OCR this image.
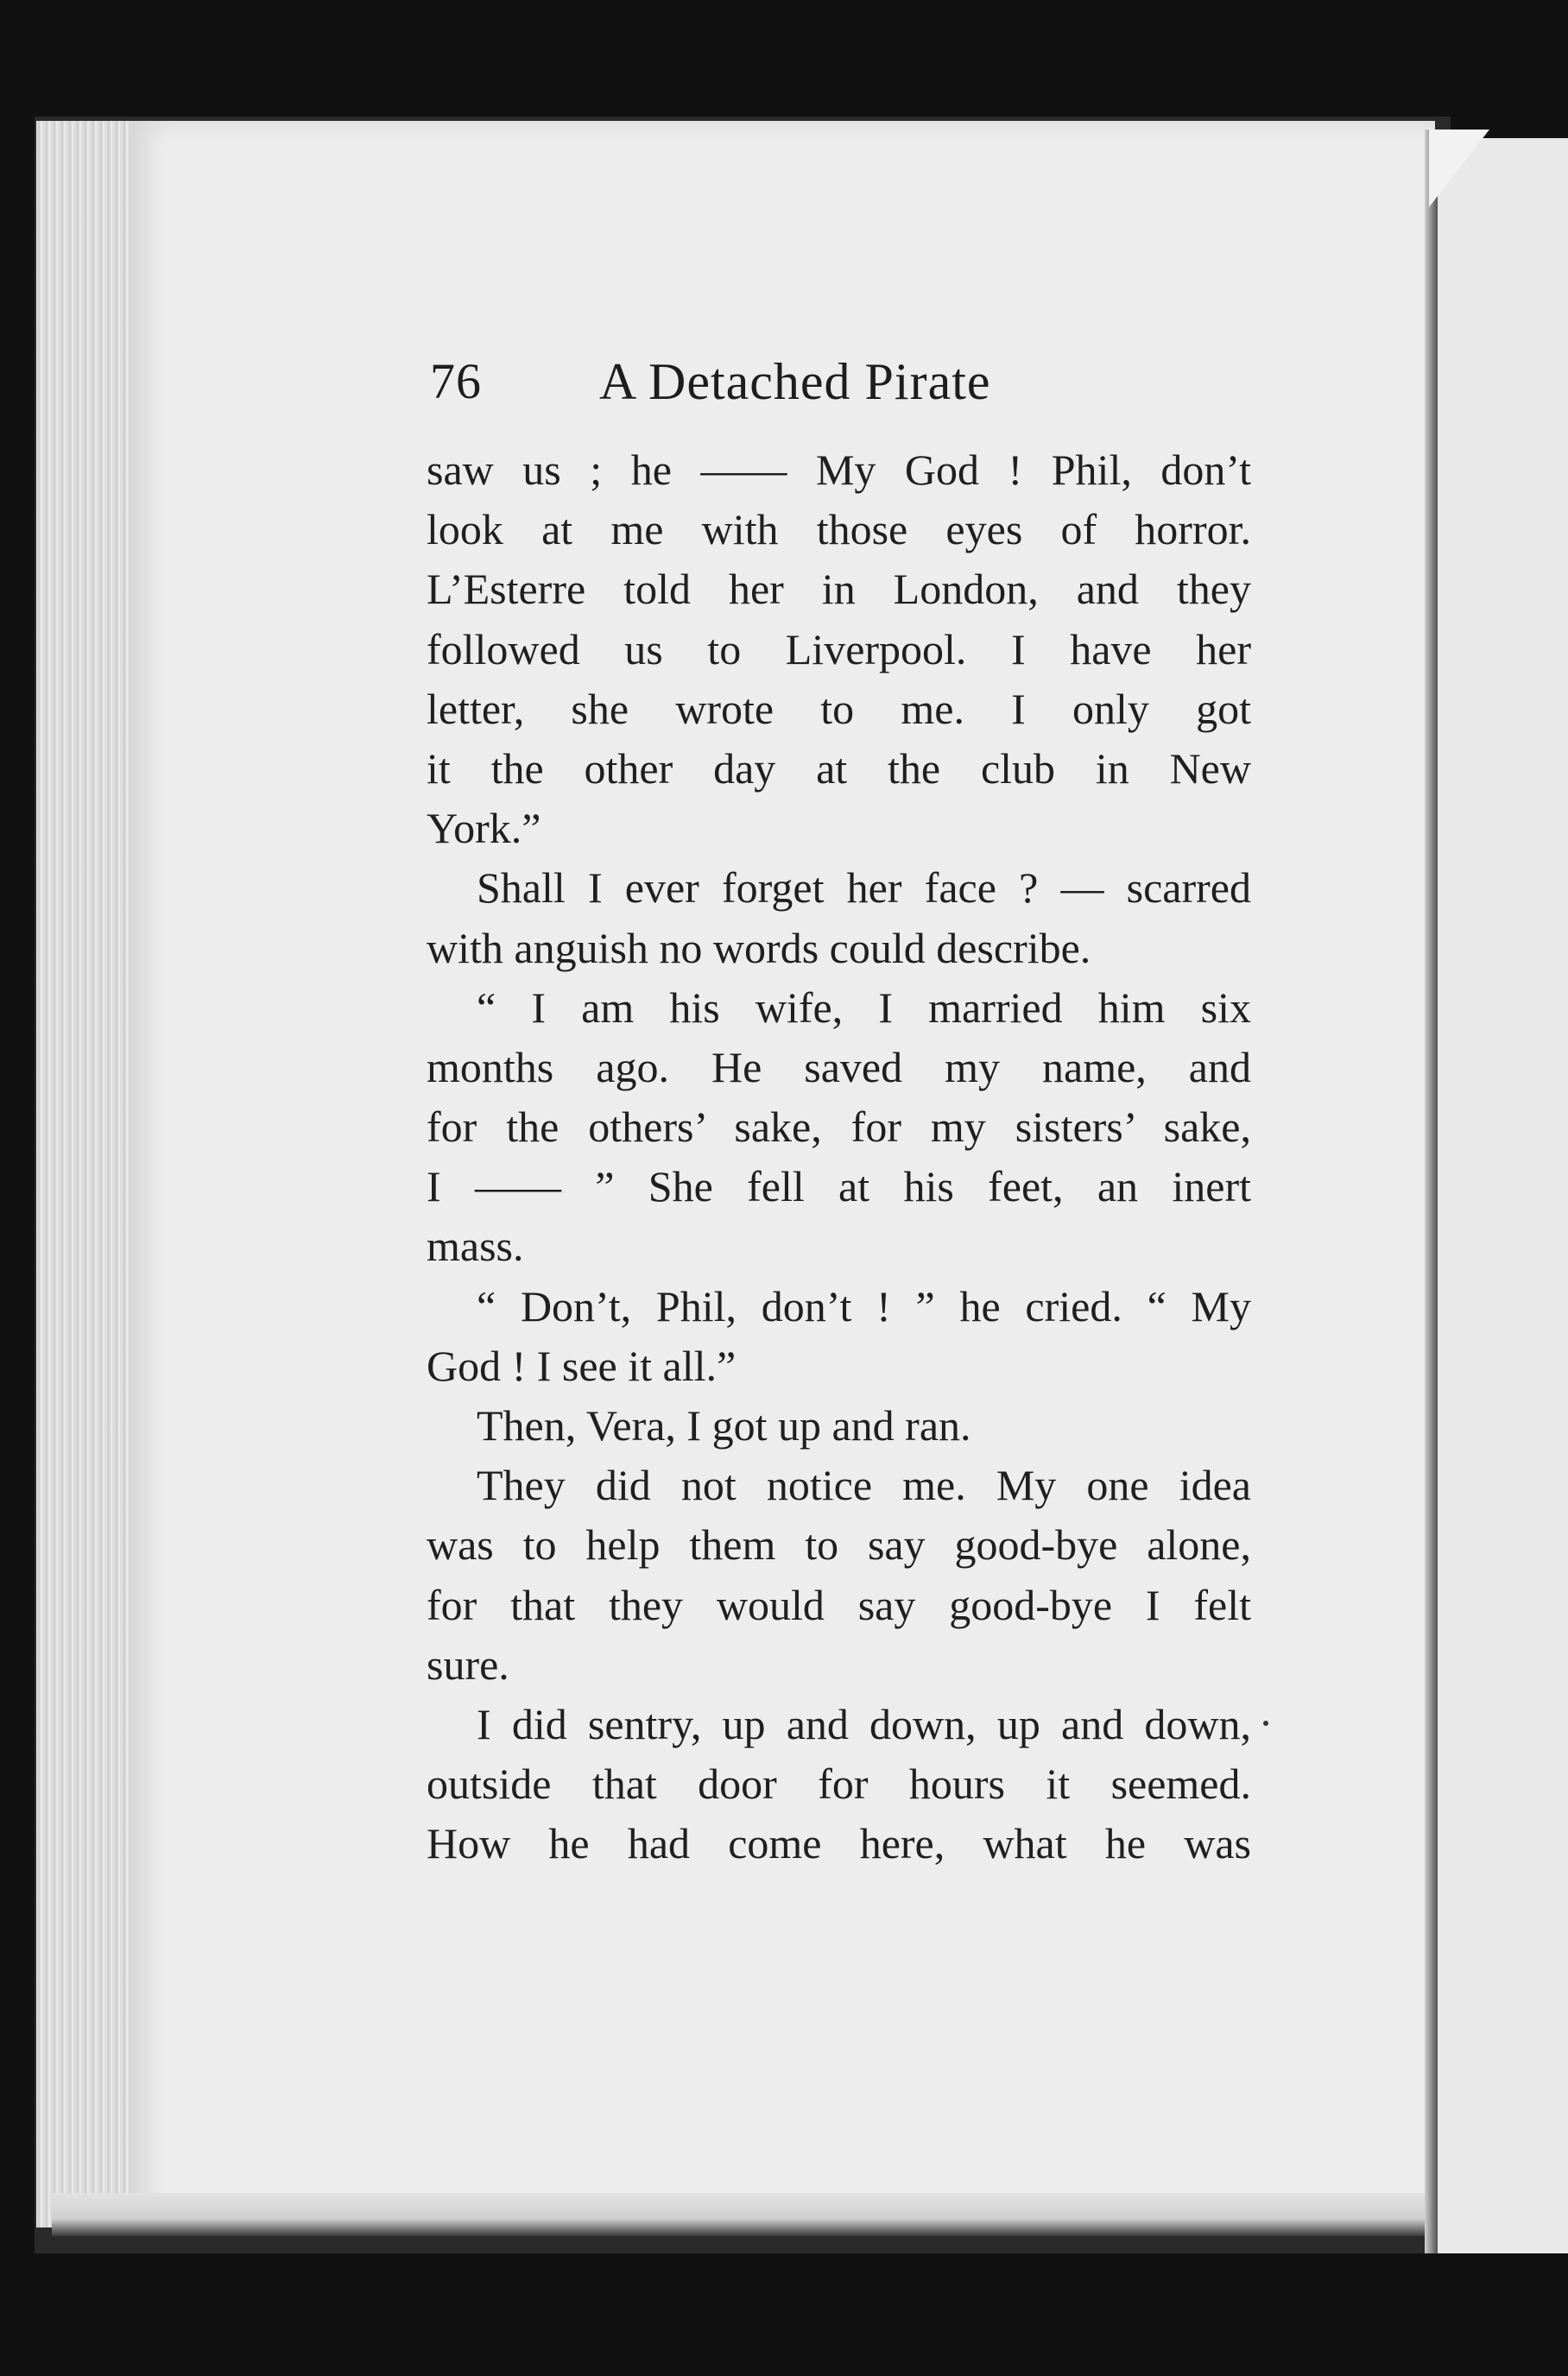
76 A Detached Pirate
saw us ; he —— My God ! Phil, don’t
look at me with those eyes of horror.
L’Esterre told her in London, and they
followed us to Liverpool. I have her
letter, she wrote to me. I only got
it the other day at the club in New
York.”
Shall I ever forget her face ? — scarred
with anguish no words could describe.
“ I am his wife, I married him six
months ago. He saved my name, and
for the others’ sake, for my sisters’ sake,
I —— ” She fell at his feet, an inert
mass.
“ Don’t, Phil, don’t ! ” he cried. “ My
God ! I see it all.”
Then, Vera, I got up and ran.
They did not notice me. My one idea
was to help them to say good-bye alone,
for that they would say good-bye I felt
sure.
I did sentry, up and down, up and down,
outside that door for hours it seemed.
How he had come here, what he was
